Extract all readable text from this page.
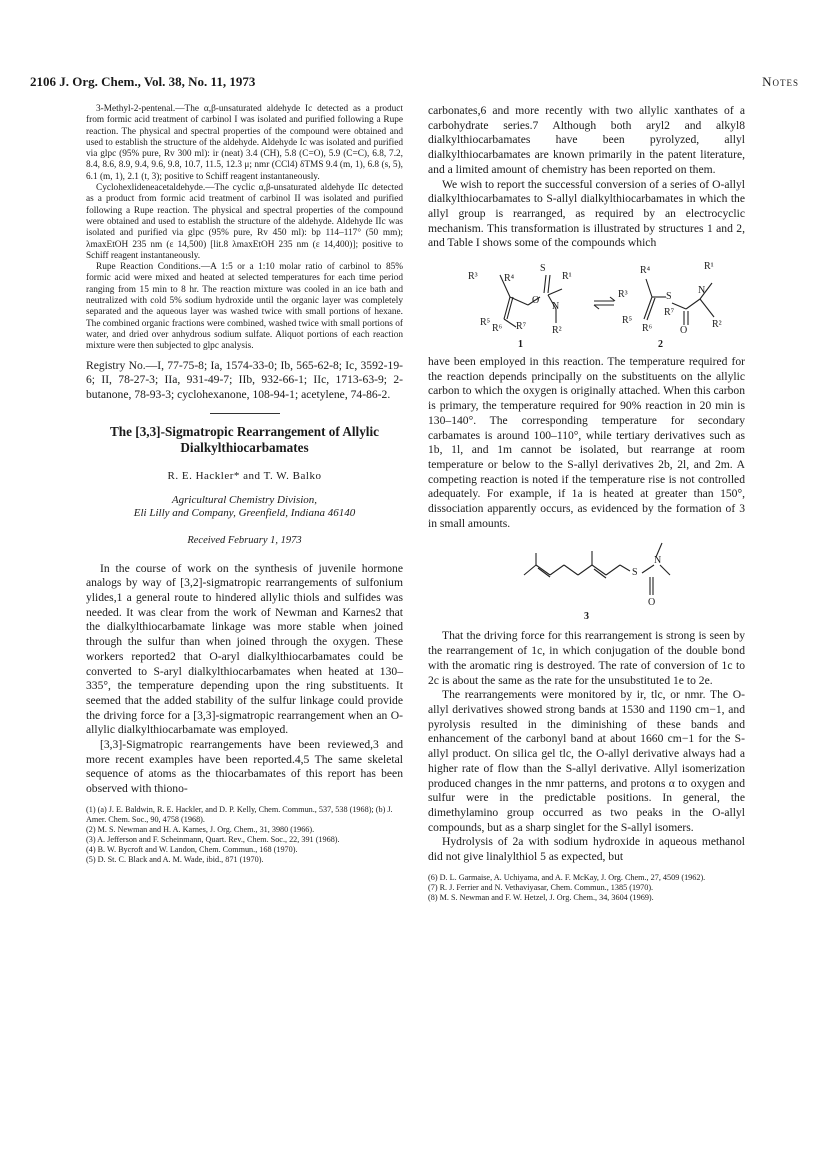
2106 J. Org. Chem., Vol. 38, No. 11, 1973	Notes

3-Methyl-2-pentenal.—The α,β-unsaturated aldehyde Ic detected as a product from formic acid treatment of carbinol I was isolated and purified following a Rupe reaction. The physical and spectral properties of the compound were obtained and used to establish the structure of the aldehyde. Aldehyde Ic was isolated and purified via glpc (95% pure, Rv 300 ml): ir (neat) 3.4 (CH), 5.8 (C=O), 5.9 (C=C), 6.8, 7.2, 8.4, 8.6, 8.9, 9.4, 9.6, 9.8, 10.7, 11.5, 12.3 μ; nmr (CCl4) δTMS 9.4 (m, 1), 6.8 (s, 5), 6.1 (m, 1), 2.1 (t, 3); positive to Schiff reagent instantaneously.

Cyclohexlideneacetaldehyde.—The cyclic α,β-unsaturated aldehyde IIc detected as a product from formic acid treatment of carbinol II was isolated and purified following a Rupe reaction. The physical and spectral properties of the compound were obtained and used to establish the structure of the aldehyde. Aldehyde IIc was isolated and purified via glpc (95% pure, Rv 450 ml): bp 114–117° (50 mm); λmaxEtOH 235 nm (ε 14,500) [lit.8 λmaxEtOH 235 nm (ε 14,400)]; positive to Schiff reagent instantaneously.

Rupe Reaction Conditions.—A 1:5 or a 1:10 molar ratio of carbinol to 85% formic acid were mixed and heated at selected temperatures for each time period ranging from 15 min to 8 hr. The reaction mixture was cooled in an ice bath and neutralized with cold 5% sodium hydroxide until the organic layer was completely separated and the aqueous layer was washed twice with small portions of hexane. The combined organic fractions were combined, washed twice with small portions of water, and dried over anhydrous sodium sulfate. Aliquot portions of each reaction mixture were then subjected to glpc analysis.

Registry No.—I, 77-75-8; Ia, 1574-33-0; Ib, 565-62-8; Ic, 3592-19-6; II, 78-27-3; IIa, 931-49-7; IIb, 932-66-1; IIc, 1713-63-9; 2-butanone, 78-93-3; cyclohexanone, 108-94-1; acetylene, 74-86-2.

The [3,3]-Sigmatropic Rearrangement of Allylic Dialkylthiocarbamates

R. E. Hackler* and T. W. Balko

Agricultural Chemistry Division,
Eli Lilly and Company, Greenfield, Indiana 46140

Received February 1, 1973

In the course of work on the synthesis of juvenile hormone analogs by way of [3,2]-sigmatropic rearrangements of sulfonium ylides,1 a general route to hindered allylic thiols and sulfides was needed. It was clear from the work of Newman and Karnes2 that the dialkylthiocarbamate linkage was more stable when joined through the sulfur than when joined through the oxygen. These workers reported2 that O-aryl dialkylthiocarbamates could be converted to S-aryl dialkylthiocarbamates when heated at 130–335°, the temperature depending upon the ring substituents. It seemed that the added stability of the sulfur linkage could provide the driving force for a [3,3]-sigmatropic rearrangement when an O-allylic dialkylthiocarbamate was employed.

[3,3]-Sigmatropic rearrangements have been reviewed,3 and more recent examples have been reported.4,5 The same skeletal sequence of atoms as the thiocarbamates of this report has been observed with thiono-

(1) (a) J. E. Baldwin, R. E. Hackler, and D. P. Kelly, Chem. Commun., 537, 538 (1968); (b) J. Amer. Chem. Soc., 90, 4758 (1968).

(2) M. S. Newman and H. A. Karnes, J. Org. Chem., 31, 3980 (1966).

(3) A. Jefferson and F. Scheinmann, Quart. Rev., Chem. Soc., 22, 391 (1968).

(4) B. W. Bycroft and W. Landon, Chem. Commun., 168 (1970).

(5) D. St. C. Black and A. M. Wade, ibid., 871 (1970).

carbonates,6 and more recently with two allylic xanthates of a carbohydrate series.7 Although both aryl2 and alkyl8 dialkylthiocarbamates have been pyrolyzed, allyl dialkylthiocarbamates are known primarily in the patent literature, and a limited amount of chemistry has been reported on them.

We wish to report the successful conversion of a series of O-allyl dialkylthiocarbamates to S-allyl dialkylthiocarbamates in which the allyl group is rearranged, as required by an electrocyclic mechanism. This transformation is illustrated by structures 1 and 2, and Table I shows some of the compounds which

R³	R⁴
S
R¹
O
N
R⁵
R⁶ R⁷	R²
1
R⁴
R³	S
N
R¹
R⁷
R⁵
O
R²
R⁶
2

have been employed in this reaction. The temperature required for the reaction depends principally on the substituents on the allylic carbon to which the oxygen is originally attached. When this carbon is primary, the temperature required for 90% reaction in 20 min is 130–140°. The corresponding temperature for secondary carbamates is around 100–110°, while tertiary derivatives such as 1b, 1l, and 1m cannot be isolated, but rearrange at room temperature or below to the S-allyl derivatives 2b, 2l, and 2m. A competing reaction is noted if the temperature rise is not controlled adequately. For example, if 1a is heated at greater than 150°, dissociation apparently occurs, as evidenced by the formation of 3 in small amounts.

S
N
O
3

That the driving force for this rearrangement is strong is seen by the rearrangement of 1c, in which conjugation of the double bond with the aromatic ring is destroyed. The rate of conversion of 1c to 2c is about the same as the rate for the unsubstituted 1e to 2e.

The rearrangements were monitored by ir, tlc, or nmr. The O-allyl derivatives showed strong bands at 1530 and 1190 cm−1, and pyrolysis resulted in the diminishing of these bands and enhancement of the carbonyl band at about 1660 cm−1 for the S-allyl product. On silica gel tlc, the O-allyl derivative always had a higher rate of flow than the S-allyl derivative. Allyl isomerization produced changes in the nmr patterns, and protons α to oxygen and sulfur were in the predictable positions. In general, the dimethylamino group occurred as two peaks in the O-allyl compounds, but as a sharp singlet for the S-allyl isomers.

Hydrolysis of 2a with sodium hydroxide in aqueous methanol did not give linalylthiol 5 as expected, but

(6) D. L. Garmaise, A. Uchiyama, and A. F. McKay, J. Org. Chem., 27, 4509 (1962).

(7) R. J. Ferrier and N. Vethaviyasar, Chem. Commun., 1385 (1970).

(8) M. S. Newman and F. W. Hetzel, J. Org. Chem., 34, 3604 (1969).
